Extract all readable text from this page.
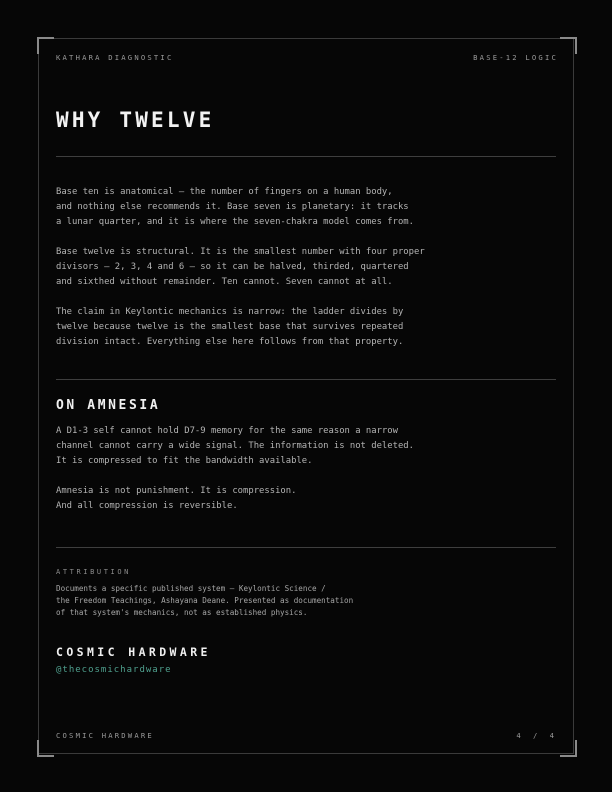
KATHARA DIAGNOSTIC	BASE-12 LOGIC
WHY TWELVE
Base ten is anatomical — the number of fingers on a human body,
and nothing else recommends it. Base seven is planetary: it tracks
a lunar quarter, and it is where the seven-chakra model comes from.
Base twelve is structural. It is the smallest number with four proper
divisors — 2, 3, 4 and 6 — so it can be halved, thirded, quartered
and sixthed without remainder. Ten cannot. Seven cannot at all.
The claim in Keylontic mechanics is narrow: the ladder divides by
twelve because twelve is the smallest base that survives repeated
division intact. Everything else here follows from that property.
ON AMNESIA
A D1-3 self cannot hold D7-9 memory for the same reason a narrow
channel cannot carry a wide signal. The information is not deleted.
It is compressed to fit the bandwidth available.
Amnesia is not punishment. It is compression.
And all compression is reversible.
ATTRIBUTION
Documents a specific published system — Keylontic Science /
the Freedom Teachings, Ashayana Deane. Presented as documentation
of that system's mechanics, not as established physics.
COSMIC HARDWARE
@thecosmichardware
COSMIC HARDWARE	4 / 4
